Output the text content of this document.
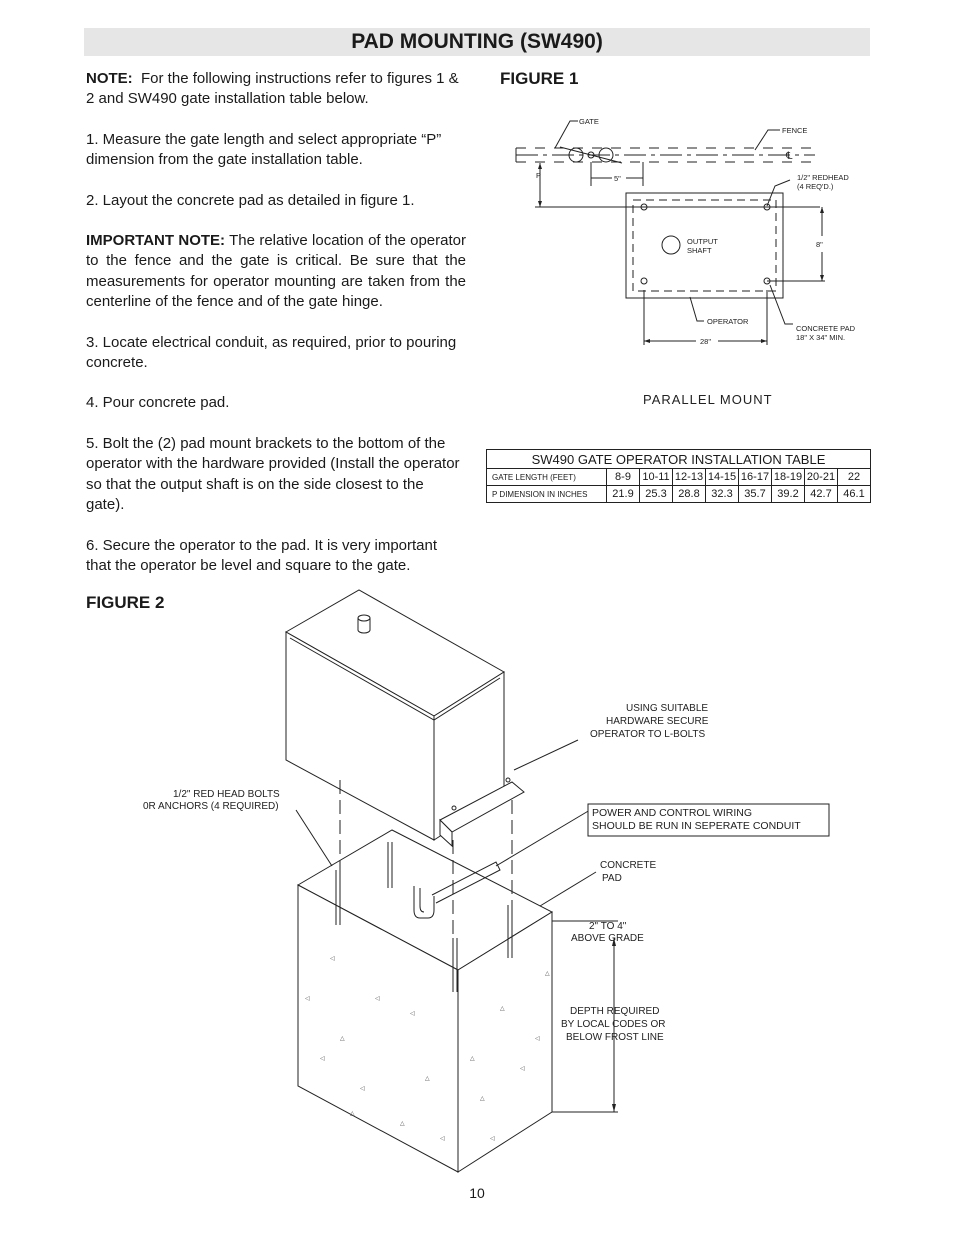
PAD MOUNTING (SW490)

NOTE: For the following instructions refer to figures 1 & 2 and SW490 gate installation table below.

1. Measure the gate length and select appropriate “P” dimension from the gate installation table.

2. Layout the concrete pad as detailed in figure 1.

IMPORTANT NOTE: The relative location of the operator to the fence and the gate is critical. Be sure that the measurements for operator mounting are taken from the centerline of the fence and of the gate hinge.

3. Locate electrical conduit, as required, prior to pouring concrete.

4. Pour concrete pad.

5. Bolt the (2) pad mount brackets to the bottom of the operator with the hardware provided (Install the operator so that the output shaft is on the side closest to the gate).

6. Secure the operator to the pad. It is very important that the operator be level and square to the gate.

FIGURE 1
FIGURE 2
GATE
FENCE
℄
P	5"	1/2" REDHEAD
(4 REQ'D.)
OUTPUT
SHAFT
8"
OPERATOR
CONCRETE PAD
18" X 34" MIN.
28"
PARALLEL MOUNT
SW490 GATE OPERATOR INSTALLATION TABLE								
GATE LENGTH (FEET)	8-9	10-11	12-13	14-15	16-17	18-19	20-21	22
P DIMENSION IN INCHES	21.9	25.3	28.8	32.3	35.7	39.2	42.7	46.1
◁
◁
△
◁
△
◁
◁
△
◁
△
◁
△
◁
△
◁
△
◁
△
USING SUITABLE
HARDWARE SECURE
OPERATOR TO L-BOLTS
1/2" RED HEAD BOLTS
0R ANCHORS (4 REQUIRED)
CONCRETE
PAD
2" TO 4"
ABOVE GRADE
DEPTH REQUIRED
BY LOCAL CODES OR
BELOW FROST LINE
POWER AND CONTROL WIRING
SHOULD BE RUN IN SEPERATE CONDUIT
10
